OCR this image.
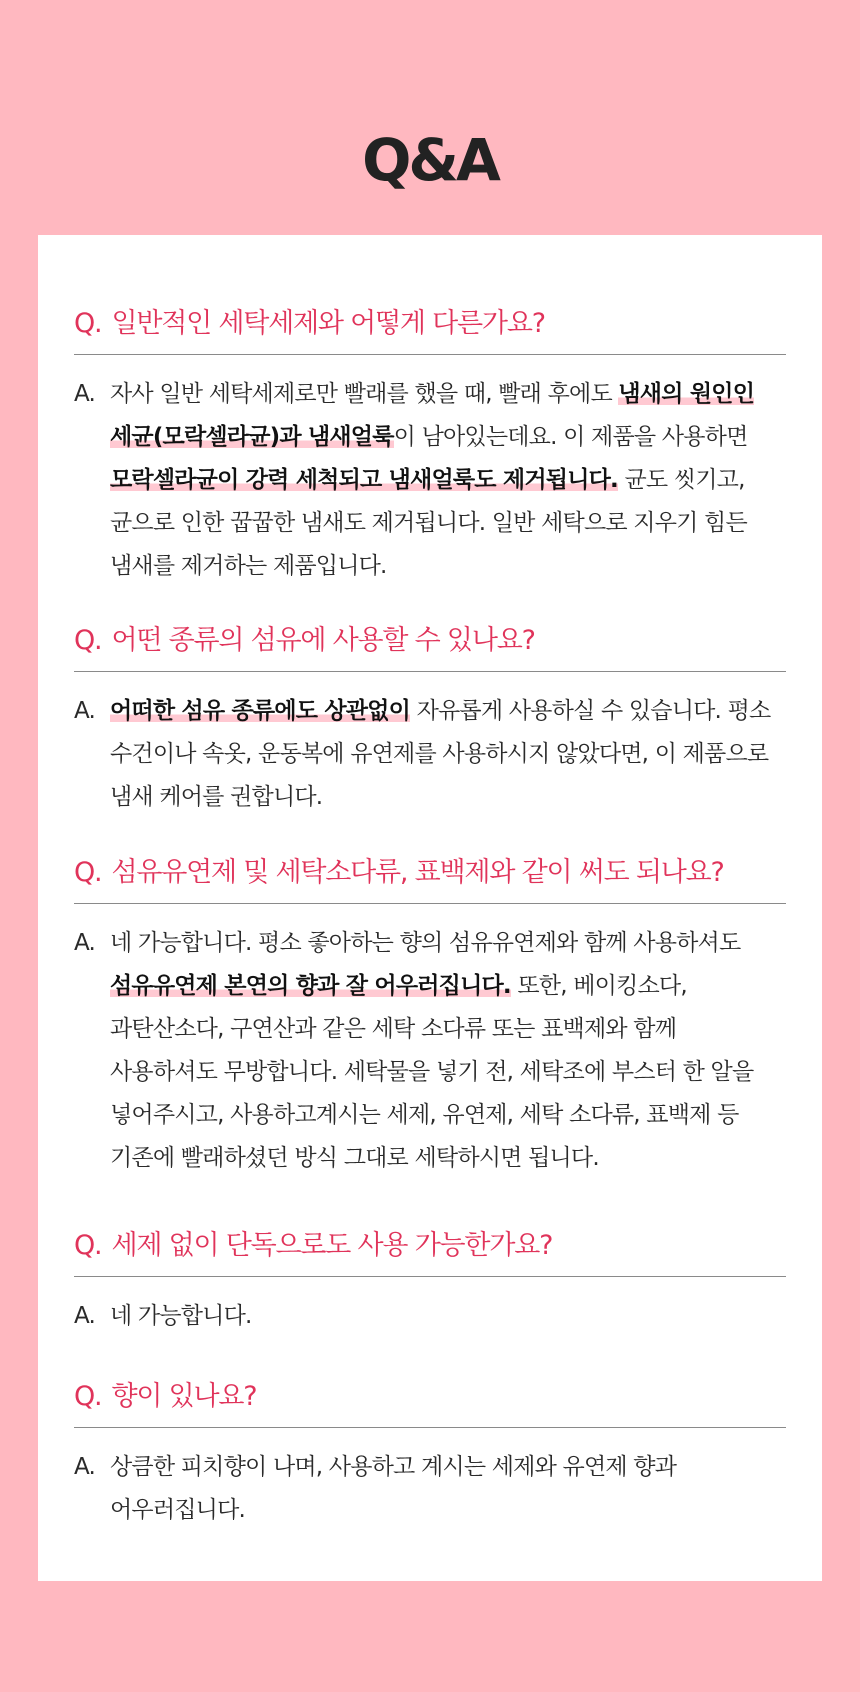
Q&A
Q. 일반적인 세탁세제와 어떻게 다른가요?
A. 자사 일반 세탁세제로만 빨래를 했을 때, 빨래 후에도 냄새의 원인인 세균(모락셀라균)과 냄새얼룩이 남아있는데요. 이 제품을 사용하면 모락셀라균이 강력 세척되고 냄새얼룩도 제거됩니다. 균도 씻기고, 균으로 인한 꿉꿉한 냄새도 제거됩니다. 일반 세탁으로 지우기 힘든 냄새를 제거하는 제품입니다.
Q. 어떤 종류의 섬유에 사용할 수 있나요?
A. 어떠한 섬유 종류에도 상관없이 자유롭게 사용하실 수 있습니다. 평소 수건이나 속옷, 운동복에 유연제를 사용하시지 않았다면, 이 제품으로 냄새 케어를 권합니다.
Q. 섬유유연제 및 세탁소다류, 표백제와 같이 써도 되나요?
A. 네 가능합니다. 평소 좋아하는 향의 섬유유연제와 함께 사용하셔도 섬유유연제 본연의 향과 잘 어우러집니다. 또한, 베이킹소다,과탄산소다, 구연산과 같은 세탁 소다류 또는 표백제와 함께 사용하셔도 무방합니다. 세탁물을 넣기 전, 세탁조에 부스터 한 알을 넣어주시고, 사용하고계시는 세제, 유연제, 세탁 소다류, 표백제 등 기존에 빨래하셨던 방식 그대로 세탁하시면 됩니다.
Q. 세제 없이 단독으로도 사용 가능한가요?
A. 네 가능합니다.
Q. 향이 있나요?
A. 상큼한 피치향이 나며, 사용하고 계시는 세제와 유연제 향과 어우러집니다.
